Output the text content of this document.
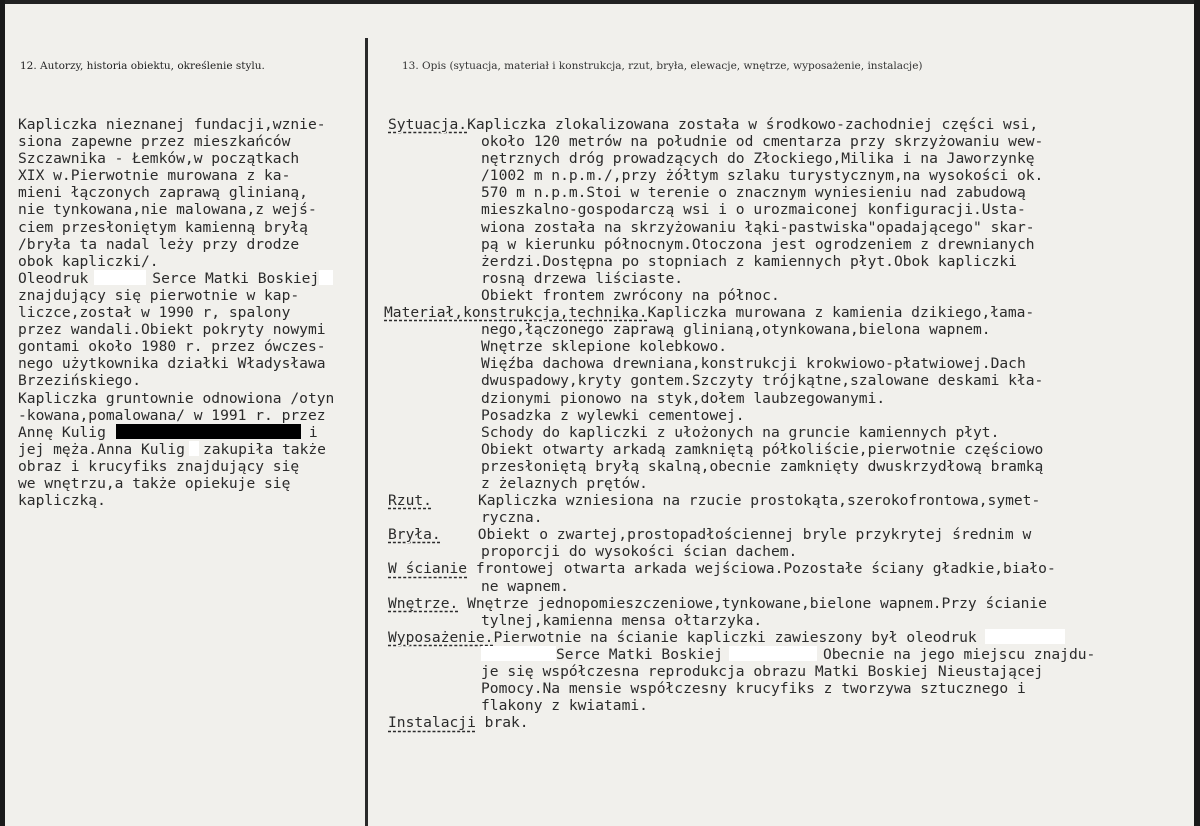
12. Autorzy, historia obiektu, określenie stylu.	13. Opis (sytuacja, materiał i konstrukcja, rzut, bryła, elewacje, wnętrze, wyposażenie, instalacje)
Kapliczka nieznanej fundacji,wznie-
siona zapewne przez mieszkańców
Szczawnika - Łemków,w początkach
XIX w.Pierwotnie murowana z ka-
mieni łączonych zaprawą glinianą,
nie tynkowana,nie malowana,z wejś-
ciem przesłoniętym kamienną bryłą
/bryła ta nadal leży przy drodze
obok kapliczki/.
Oleodruk	Serce Matki Boskiej
znajdujący się pierwotnie w kap-
liczce,został w 1990 r, spalony
przez wandali.Obiekt pokryty nowymi
gontami około 1980 r. przez ówczes-
nego użytkownika działki Władysława
Brzezińskiego.
Kapliczka gruntownie odnowiona /otyn
-kowana,pomalowana/ w 1991 r. przez
Annę Kulig	i
jej męża.Anna Kulig zakupiła także
obraz i krucyfiks znajdujący się
we wnętrzu,a także opiekuje się
kapliczką.
Sytuacja.Kapliczka zlokalizowana została w środkowo-zachodniej części wsi,
około 120 metrów na południe od cmentarza przy skrzyżowaniu wew-
nętrznych dróg prowadzących do Złockiego,Milika i na Jaworzynkę
/1002 m n.p.m./,przy żółtym szlaku turystycznym,na wysokości ok.
570 m n.p.m.Stoi w terenie o znacznym wyniesieniu nad zabudową
mieszkalno-gospodarczą wsi i o urozmaiconej konfiguracji.Usta-
wiona została na skrzyżowaniu łąki-pastwiska"opadającego" skar-
pą w kierunku północnym.Otoczona jest ogrodzeniem z drewnianych
żerdzi.Dostępna po stopniach z kamiennych płyt.Obok kapliczki
rosną drzewa liściaste.
Obiekt frontem zwrócony na północ.
Materiał,konstrukcja,technika.Kapliczka murowana z kamienia dzikiego,łama-
nego,łączonego zaprawą glinianą,otynkowana,bielona wapnem.
Wnętrze sklepione kolebkowo.
Więźba dachowa drewniana,konstrukcji krokwiowo-płatwiowej.Dach
dwuspadowy,kryty gontem.Szczyty trójkątne,szalowane deskami kła-
dzionymi pionowo na styk,dołem laubzegowanymi.
Posadzka z wylewki cementowej.
Schody do kapliczki z ułożonych na gruncie kamiennych płyt.
Obiekt otwarty arkadą zamkniętą półkoliście,pierwotnie częściowo
przesłoniętą bryłą skalną,obecnie zamknięty dwuskrzydłową bramką
z żelaznych prętów.
Rzut.	Kapliczka wzniesiona na rzucie prostokąta,szerokofrontowa,symet-
ryczna.
Bryła.	Obiekt o zwartej,prostopadłościennej bryle przykrytej średnim w
proporcji do wysokości ścian dachem.
W ścianie frontowej otwarta arkada wejściowa.Pozostałe ściany gładkie,biało-
ne wapnem.
Wnętrze. Wnętrze jednopomieszczeniowe,tynkowane,bielone wapnem.Przy ścianie
tylnej,kamienna mensa ołtarzyka.
Wyposażenie.Pierwotnie na ścianie kapliczki zawieszony był oleodruk
Serce Matki Boskiej	Obecnie na jego miejscu znajdu-
je się współczesna reprodukcja obrazu Matki Boskiej Nieustającej
Pomocy.Na mensie współczesny krucyfiks z tworzywa sztucznego i
flakony z kwiatami.
Instalacji brak.
